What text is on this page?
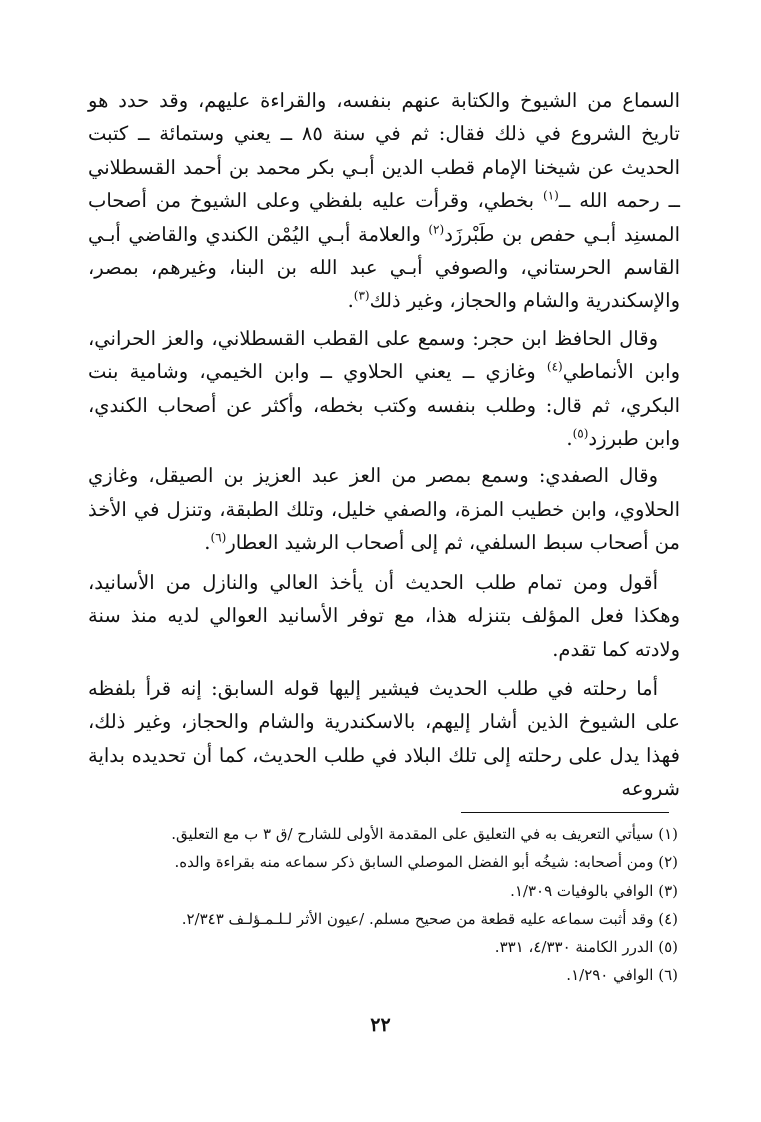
السماع من الشيوخ والكتابة عنهم بنفسه، والقراءة عليهم، وقد حدد هو تاريخ الشروع في ذلك فقال: ثم في سنة ٨٥ ــ يعني وستمائة ــ كتبت الحديث عن شيخنا الإمام قطب الدين أبـي بكر محمد بن أحمد القسطلاني ــ رحمه الله ــ$^{(١)}$ بخطي، وقرأت عليه بلفظي وعلى الشيوخ من أصحاب المسنِد أبـي حفص بن طَبْرزَد$^{(٢)}$ والعلامة أبـي اليُمْن الكندي والقاضي أبـي القاسم الحرستاني، والصوفي أبـي عبد الله بن البنا، وغيرهم، بمصر، والإسكندرية والشام والحجاز، وغير ذلك$^{(٣)}$.

وقال الحافظ ابن حجر: وسمع على القطب القسطلاني، والعز الحراني، وابن الأنماطي$^{(٤)}$ وغازي ــ يعني الحلاوي ــ وابن الخيمي، وشامية بنت البكري، ثم قال: وطلب بنفسه وكتب بخطه، وأكثر عن أصحاب الكندي، وابن طبرزد$^{(٥)}$.

وقال الصفدي: وسمع بمصر من العز عبد العزيز بن الصيقل، وغازي الحلاوي، وابن خطيب المزة، والصفي خليل، وتلك الطبقة، وتنزل في الأخذ من أصحاب سبط السلفي، ثم إلى أصحاب الرشيد العطار$^{(٦)}$.

أقول ومن تمام طلب الحديث أن يأخذ العالي والنازل من الأسانيد، وهكذا فعل المؤلف بتنزله هذا، مع توفر الأسانيد العوالي لديه منذ سنة ولادته كما تقدم.

أما رحلته في طلب الحديث فيشير إليها قوله السابق: إنه قرأ بلفظه على الشيوخ الذين أشار إليهم، بالاسكندرية والشام والحجاز، وغير ذلك، فهذا يدل على رحلته إلى تلك البلاد في طلب الحديث، كما أن تحديده بداية شروعه

(١) سيأتي التعريف به في التعليق على المقدمة الأولى للشارح /ق ٣ ب مع التعليق.
(٢) ومن أصحابه: شيخُه أبو الفضل الموصلي السابق ذكر سماعه منه بقراءة والده.
(٣) الوافي بالوفيات ١/٣٠٩.
(٤) وقد أثبت سماعه عليه قطعة من صحيح مسلم. /عيون الأثر لـلـمـؤلـف ٢/٣٤٣.
(٥) الدرر الكامنة ٤/٣٣٠، ٣٣١.
(٦) الوافي ١/٢٩٠.
٢٢
